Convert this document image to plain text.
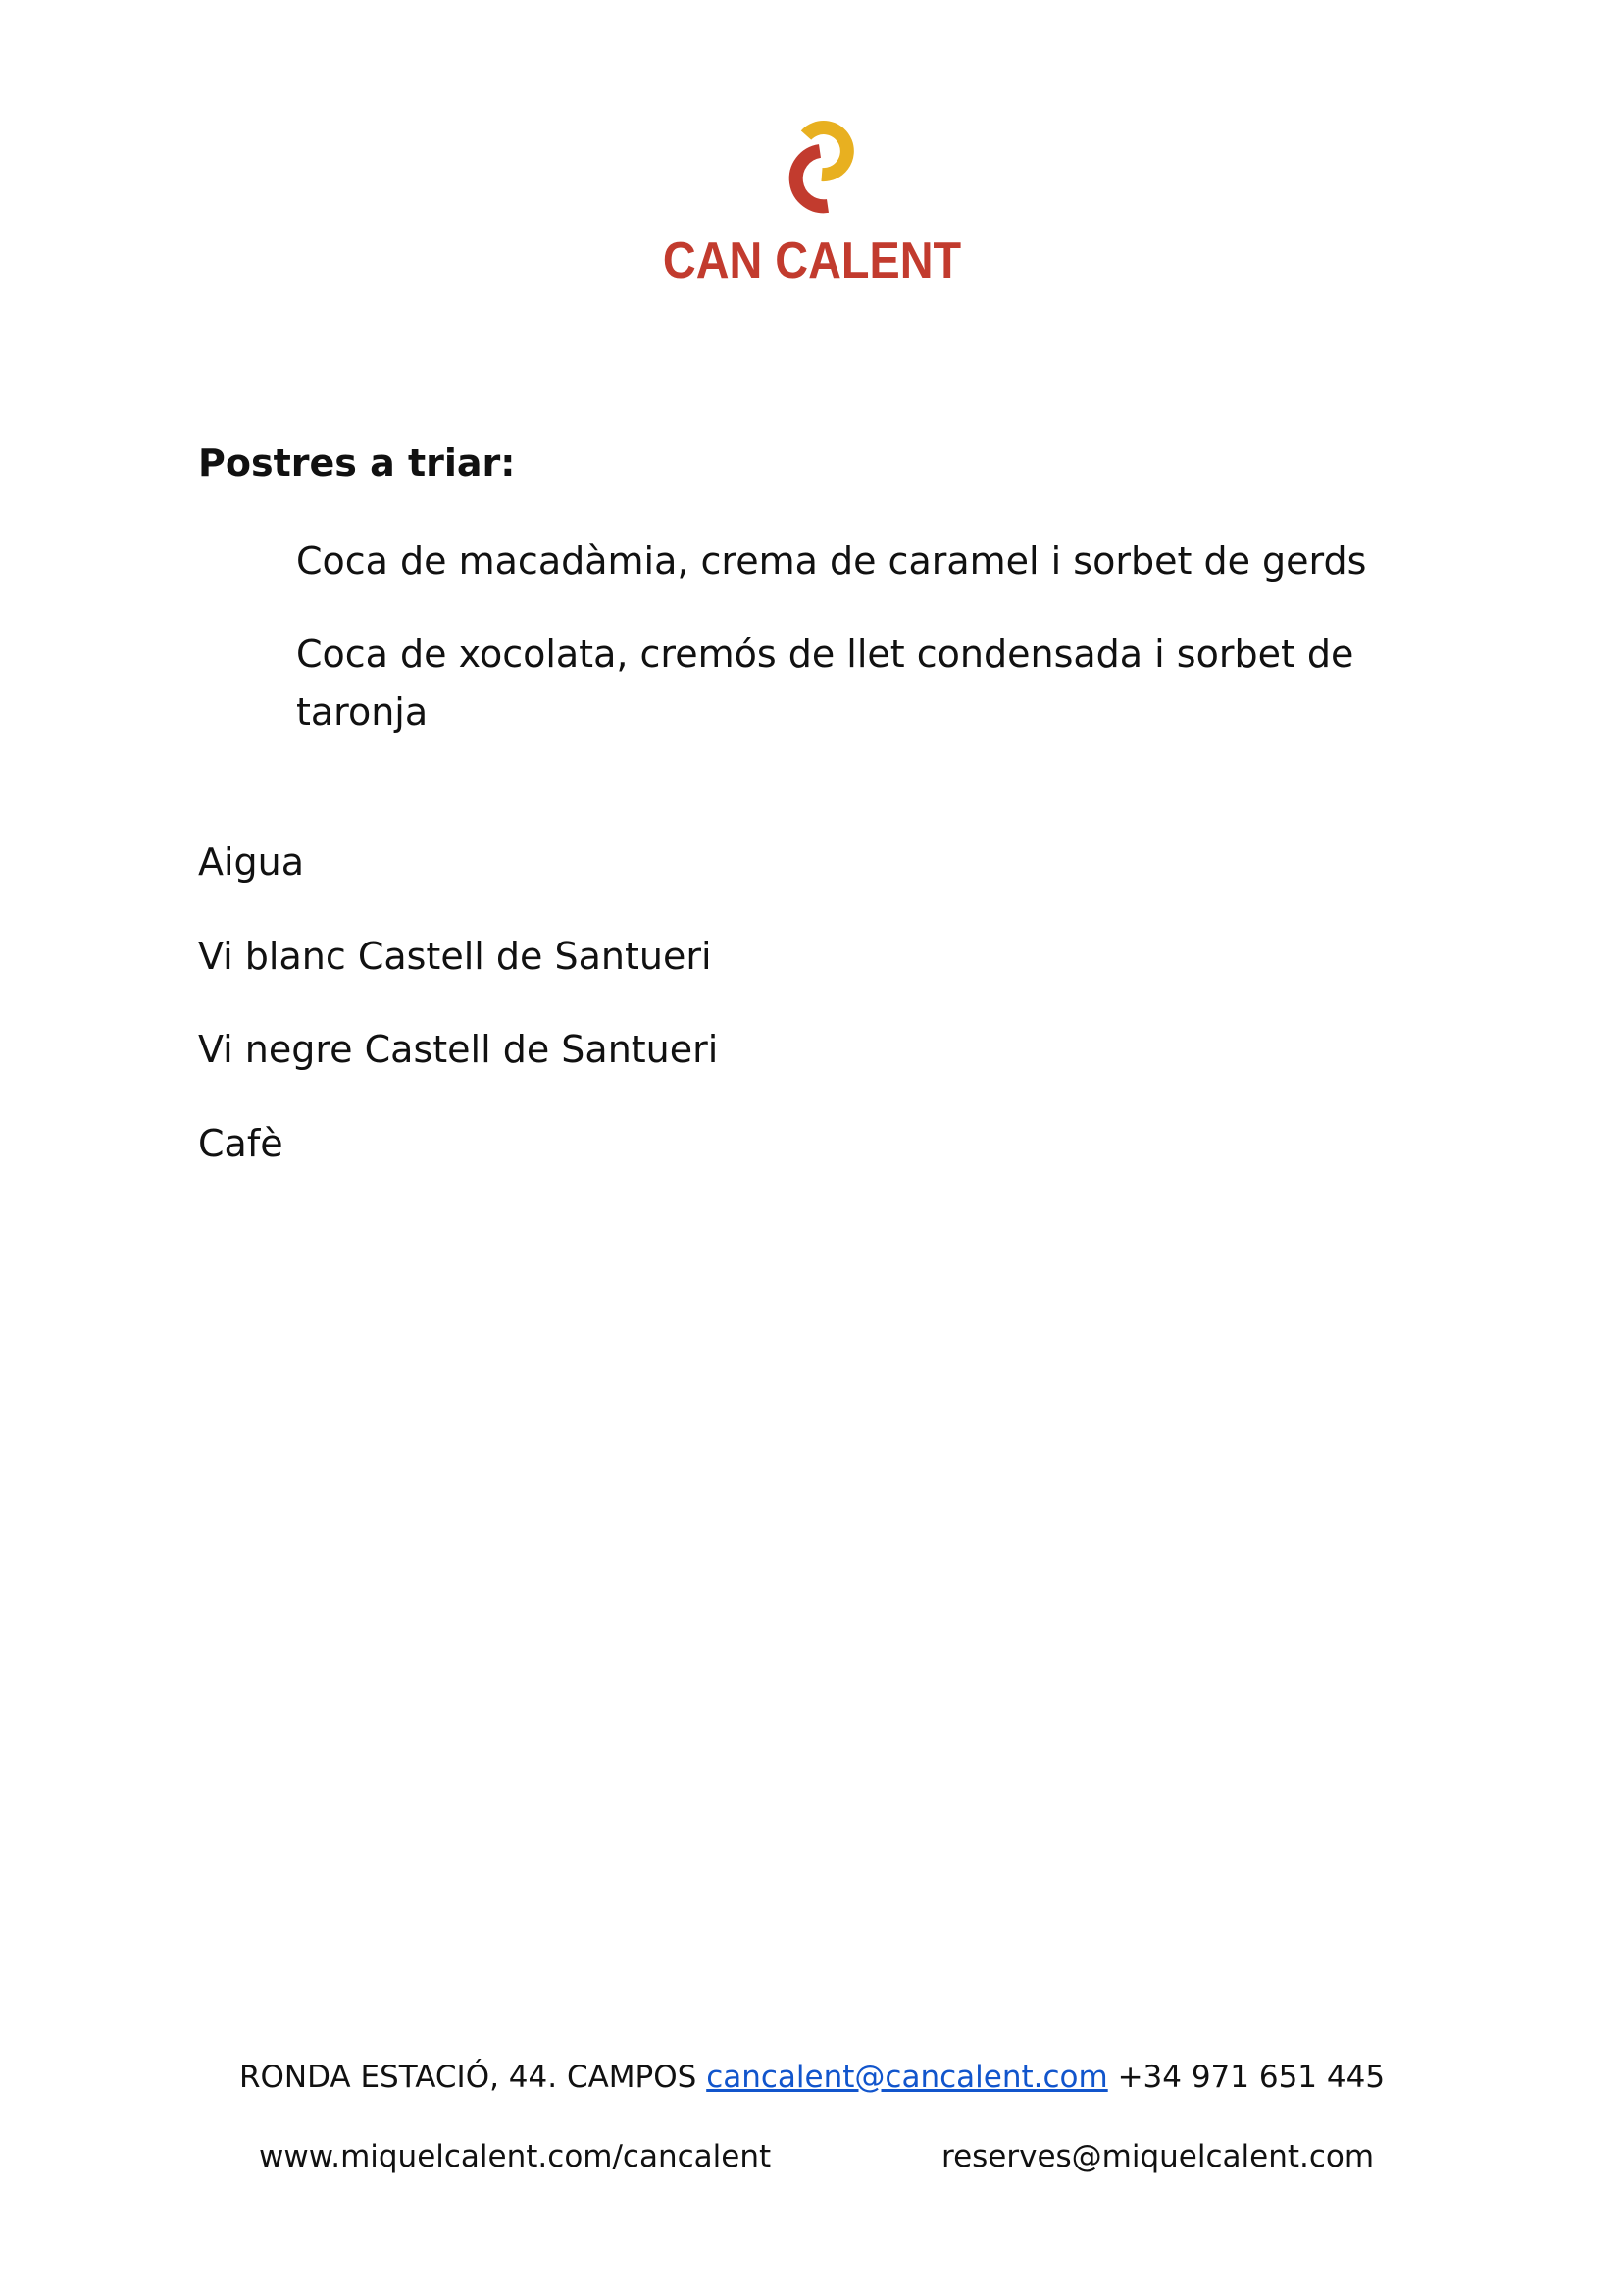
CAN CALENT
Postres a triar:
Coca de macadàmia, crema de caramel i sorbet de gerds
Coca de xocolata, cremós de llet condensada i sorbet de taronja
Aigua
Vi blanc Castell de Santueri
Vi negre Castell de Santueri
Cafè
RONDA ESTACIÓ, 44. CAMPOS cancalent@cancalent.com +34 971 651 445
www.miquelcalent.com/cancalent	reserves@miquelcalent.com
